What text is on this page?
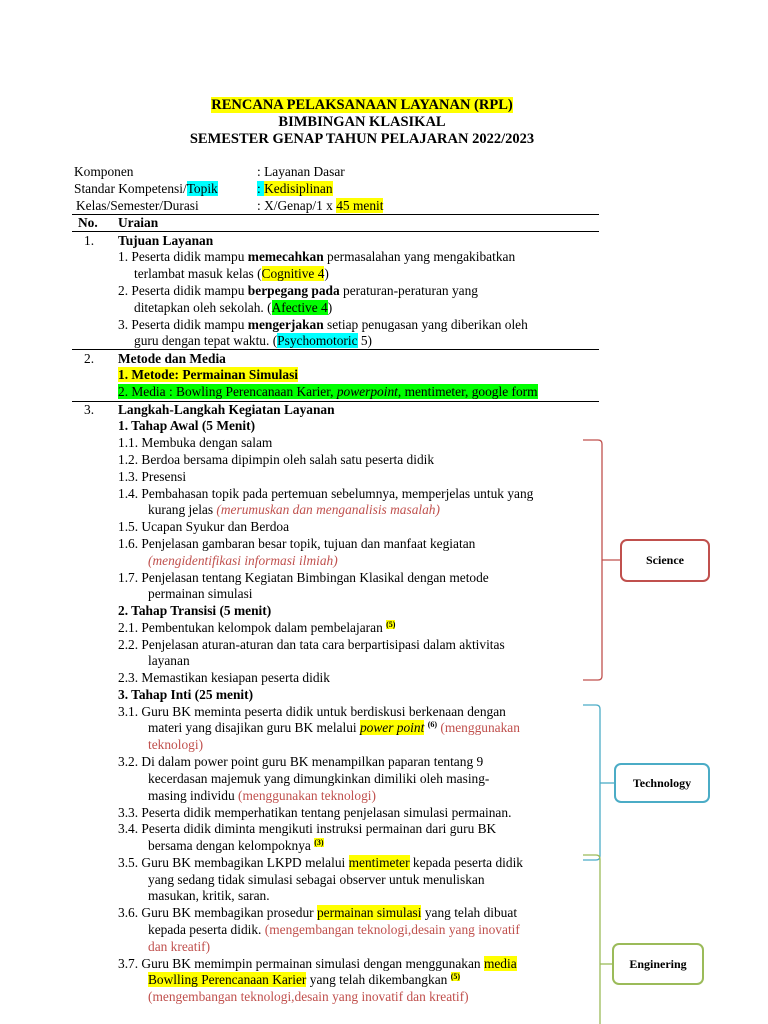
RENCANA PELAKSANAAN LAYANAN (RPL)
BIMBINGAN KLASIKAL
SEMESTER GENAP TAHUN PELAJARAN 2022/2023
Komponen	: Layanan Dasar
Standar Kompetensi/Topik	: Kedisiplinan
Kelas/Semester/Durasi	: X/Genap/1 x 45 menit
No. Uraian
1. Tujuan Layanan
1. Peserta didik mampu memecahkan permasalahan yang mengakibatkan
terlambat masuk kelas (Cognitive 4)
2. Peserta didik mampu berpegang pada peraturan-peraturan yang
ditetapkan oleh sekolah. (Afective 4)
3. Peserta didik mampu mengerjakan setiap penugasan yang diberikan oleh
guru dengan tepat waktu. (Psychomotoric 5)
2. Metode dan Media
1. Metode: Permainan Simulasi
2. Media : Bowling Perencanaan Karier, powerpoint, mentimeter, google form
3. Langkah-Langkah Kegiatan Layanan
1. Tahap Awal (5 Menit)
1.1. Membuka dengan salam
1.2. Berdoa bersama dipimpin oleh salah satu peserta didik
1.3. Presensi
1.4. Pembahasan topik pada pertemuan sebelumnya, memperjelas untuk yang
kurang jelas (merumuskan dan menganalisis masalah)
1.5. Ucapan Syukur dan Berdoa
1.6. Penjelasan gambaran besar topik, tujuan dan manfaat kegiatan
(mengidentifikasi informasi ilmiah)
1.7. Penjelasan tentang Kegiatan Bimbingan Klasikal dengan metode
permainan simulasi
2. Tahap Transisi (5 menit)
2.1. Pembentukan kelompok dalam pembelajaran $^{(5)}$
2.2. Penjelasan aturan-aturan dan tata cara berpartisipasi dalam aktivitas
layanan
2.3. Memastikan kesiapan peserta didik
3. Tahap Inti (25 menit)
3.1. Guru BK meminta peserta didik untuk berdiskusi berkenaan dengan
materi yang disajikan guru BK melalui power point $^{(6)}$ (menggunakan
teknologi)
3.2. Di dalam power point guru BK menampilkan paparan tentang 9
kecerdasan majemuk yang dimungkinkan dimiliki oleh masing-
masing individu (menggunakan teknologi)
3.3. Peserta didik memperhatikan tentang penjelasan simulasi permainan.
3.4. Peserta didik diminta mengikuti instruksi permainan dari guru BK
bersama dengan kelompoknya $^{(3)}$
3.5. Guru BK membagikan LKPD melalui mentimeter kepada peserta didik
yang sedang tidak simulasi sebagai observer untuk menuliskan
masukan, kritik, saran.
3.6. Guru BK membagikan prosedur permainan simulasi yang telah dibuat
kepada peserta didik. (mengembangan teknologi,desain yang inovatif
dan kreatif)
3.7. Guru BK memimpin permainan simulasi dengan menggunakan media
Bowlling Perencanaan Karier yang telah dikembangkan $^{(5)}$
(mengembangan teknologi,desain yang inovatif dan kreatif)
Science
Technology
Enginering
